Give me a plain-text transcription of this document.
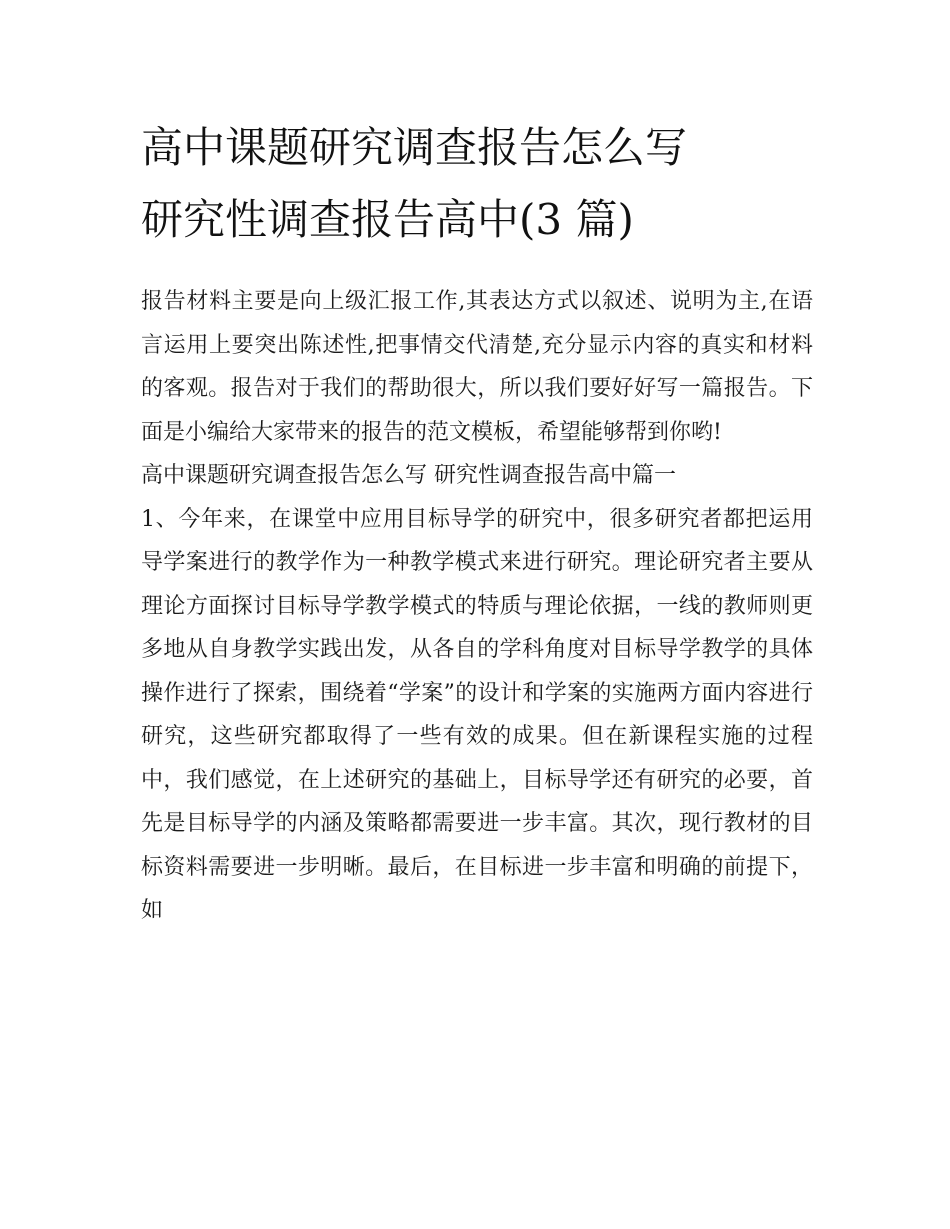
高中课题研究调查报告怎么写
研究性调查报告高中(3 篇)

报告材料主要是向上级汇报工作,其表达方式以叙述、说明为主,在语言运用上要突出陈述性,把事情交代清楚,充分显示内容的真实和材料的客观。报告对于我们的帮助很大，所以我们要好好写一篇报告。下面是小编给大家带来的报告的范文模板，希望能够帮到你哟!

高中课题研究调查报告怎么写 研究性调查报告高中篇一

1、今年来，在课堂中应用目标导学的研究中，很多研究者都把运用导学案进行的教学作为一种教学模式来进行研究。理论研究者主要从理论方面探讨目标导学教学模式的特质与理论依据，一线的教师则更多地从自身教学实践出发，从各自的学科角度对目标导学教学的具体操作进行了探索，围绕着“学案”的设计和学案的实施两方面内容进行研究，这些研究都取得了一些有效的成果。但在新课程实施的过程中，我们感觉，在上述研究的基础上，目标导学还有研究的必要，首先是目标导学的内涵及策略都需要进一步丰富。其次，现行教材的目标资料需要进一步明晰。最后，在目标进一步丰富和明确的前提下，如
